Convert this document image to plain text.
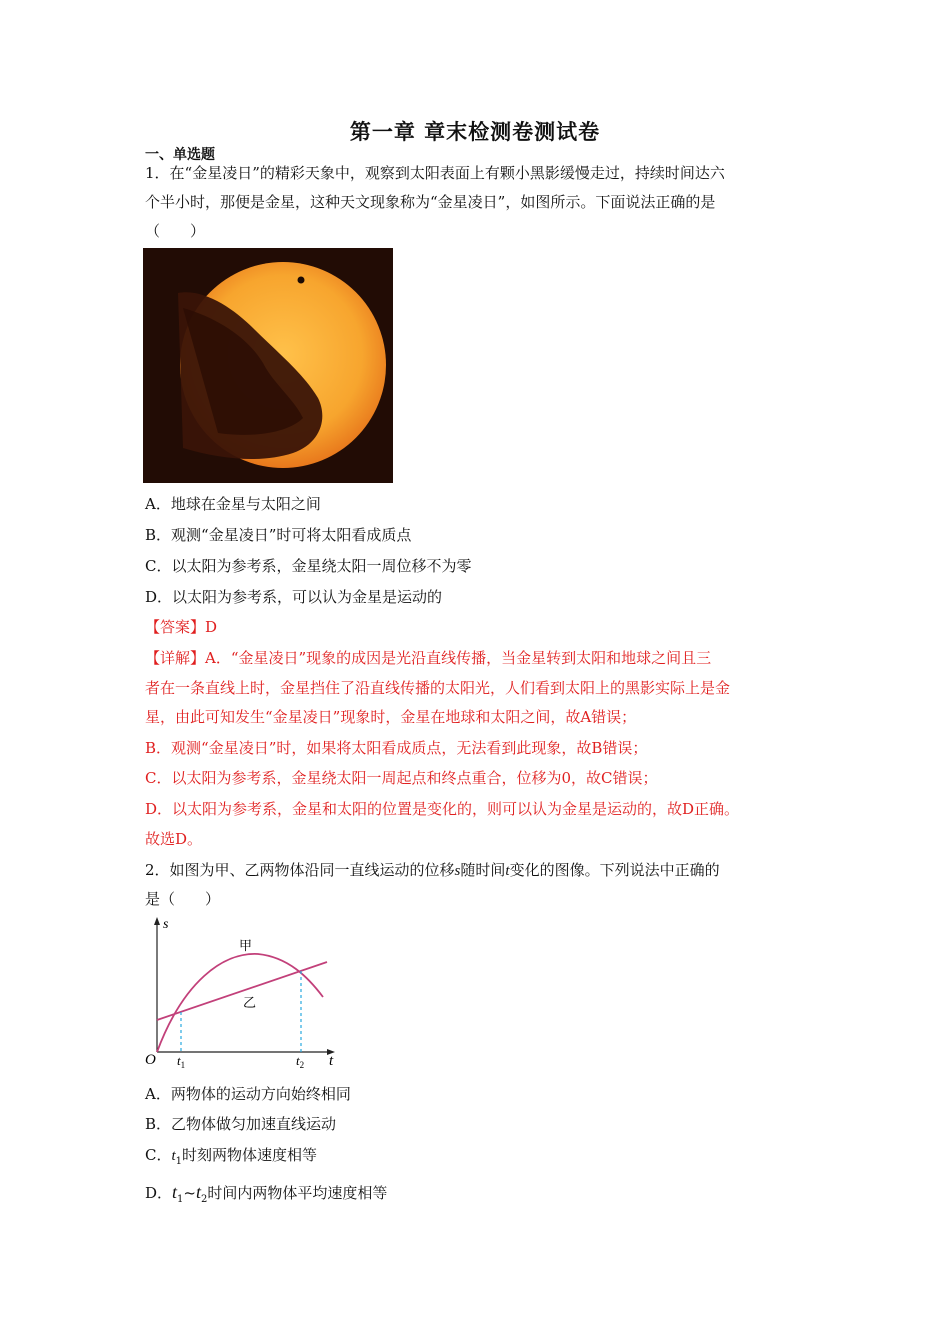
第一章 章末检测卷测试卷
一、单选题
1．在“金星凌日”的精彩天象中，观察到太阳表面上有颗小黑影缓慢走过，持续时间达六
个半小时，那便是金星，这种天文现象称为“金星凌日”，如图所示。下面说法正确的是
（　　）
A．地球在金星与太阳之间
B．观测“金星凌日”时可将太阳看成质点
C．以太阳为参考系，金星绕太阳一周位移不为零
D．以太阳为参考系，可以认为金星是运动的
【答案】D
【详解】A．“金星凌日”现象的成因是光沿直线传播，当金星转到太阳和地球之间且三
者在一条直线上时，金星挡住了沿直线传播的太阳光，人们看到太阳上的黑影实际上是金
星，由此可知发生“金星凌日”现象时，金星在地球和太阳之间，故A错误；
B．观测“金星凌日”时，如果将太阳看成质点，无法看到此现象，故B错误；
C．以太阳为参考系，金星绕太阳一周起点和终点重合，位移为0，故C错误；
D．以太阳为参考系，金星和太阳的位置是变化的，则可以认为金星是运动的，故D正确。
故选D。
2．如图为甲、乙两物体沿同一直线运动的位移s随时间t变化的图像。下列说法中正确的
是（　　）
s
t
O $t_1$	$t_2$
甲
乙
A．两物体的运动方向始终相同
B．乙物体做匀加速直线运动
C．$t_1$时刻两物体速度相等
D．$t_1\sim t_2$时间内两物体平均速度相等
